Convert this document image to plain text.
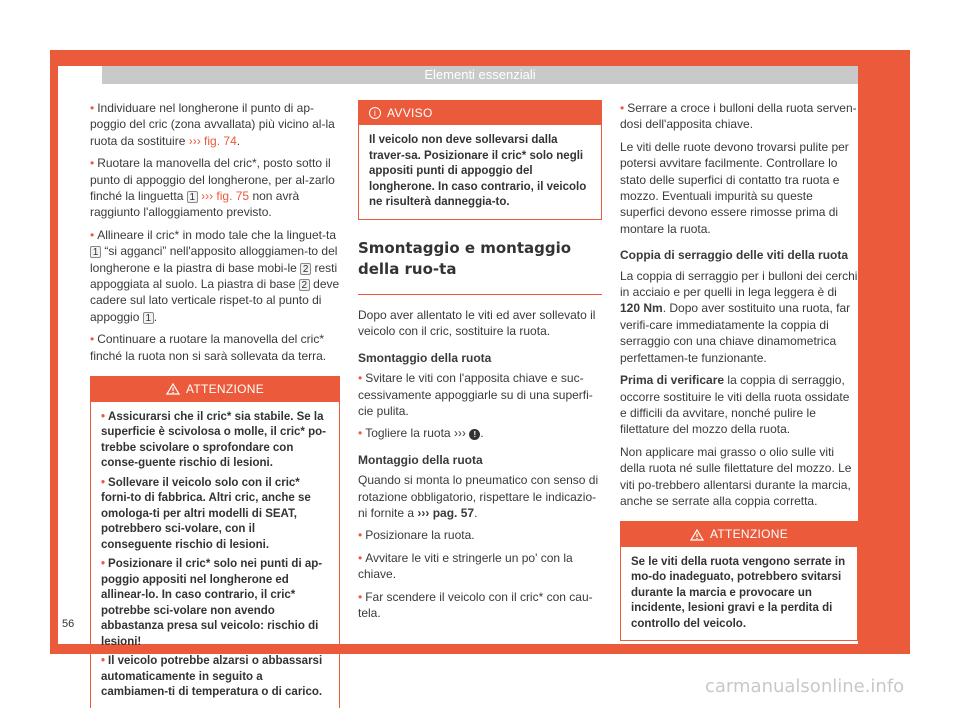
Elementi essenziali

• Individuare nel longherone il punto di ap-poggio del cric (zona avvallata) più vicino al-la ruota da sostituire ››› fig. 74.

• Ruotare la manovella del cric*, posto sotto il punto di appoggio del longherone, per al-zarlo finché la linguetta 1 ››› fig. 75 non avrà raggiunto l'alloggiamento previsto.

• Allineare il cric* in modo tale che la linguet-ta 1 “si agganci” nell'apposito alloggiamen-to del longherone e la piastra di base mobi-le 2 resti appoggiata al suolo. La piastra di base 2 deve cadere sul lato verticale rispet-to al punto di appoggio 1 .

• Continuare a ruotare la manovella del cric* finché la ruota non si sarà sollevata da terra.

ATTENZIONE

• Assicurarsi che il cric* sia stabile. Se la superficie è scivolosa o molle, il cric* po-trebbe scivolare o sprofondare con conse-guente rischio di lesioni.

• Sollevare il veicolo solo con il cric* forni-to di fabbrica. Altri cric, anche se omologa-ti per altri modelli di SEAT, potrebbero sci-volare, con il conseguente rischio di lesioni.

• Posizionare il cric* solo nei punti di ap-poggio appositi nel longherone ed allinear-lo. In caso contrario, il cric* potrebbe sci-volare non avendo abbastanza presa sul veicolo: rischio di lesioni!

• Il veicolo potrebbe alzarsi o abbassarsi automaticamente in seguito a cambiamen-ti di temperatura o di carico.

i AVVISO
Il veicolo non deve sollevarsi dalla traver-sa. Posizionare il cric* solo negli appositi punti di appoggio del longherone. In caso contrario, il veicolo ne risulterà danneggia-to.
Smontaggio e montaggio della ruo-ta

Dopo aver allentato le viti ed aver sollevato il veicolo con il cric, sostituire la ruota.

Smontaggio della ruota

• Svitare le viti con l'apposita chiave e suc-cessivamente appoggiarle su di una superfi-cie pulita.

• Togliere la ruota ››› ! .

Montaggio della ruota

Quando si monta lo pneumatico con senso di rotazione obbligatorio, rispettare le indicazio-ni fornite a ››› pag. 57.

• Posizionare la ruota.

• Avvitare le viti e stringerle un po' con la chiave.

• Far scendere il veicolo con il cric* con cau-tela.

• Serrare a croce i bulloni della ruota serven-dosi dell'apposita chiave.

Le viti delle ruote devono trovarsi pulite per potersi avvitare facilmente. Controllare lo stato delle superfici di contatto tra ruota e mozzo. Eventuali impurità su queste superfici devono essere rimosse prima di montare la ruota.

Coppia di serraggio delle viti della ruota

La coppia di serraggio per i bulloni dei cerchi in acciaio e per quelli in lega leggera è di 120 Nm. Dopo aver sostituito una ruota, far verifi-care immediatamente la coppia di serraggio con una chiave dinamometrica perfettamen-te funzionante.

Prima di verificare la coppia di serraggio, occorre sostituire le viti della ruota ossidate e difficili da avvitare, nonché pulire le filettature del mozzo della ruota.

Non applicare mai grasso o olio sulle viti della ruota né sulle filettature del mozzo. Le viti po-trebbero allentarsi durante la marcia, anche se serrate alla coppia corretta.

ATTENZIONE
Se le viti della ruota vengono serrate in mo-do inadeguato, potrebbero svitarsi durante la marcia e provocare un incidente, lesioni gravi e la perdita di controllo del veicolo.
56
carmanualsonline.info
